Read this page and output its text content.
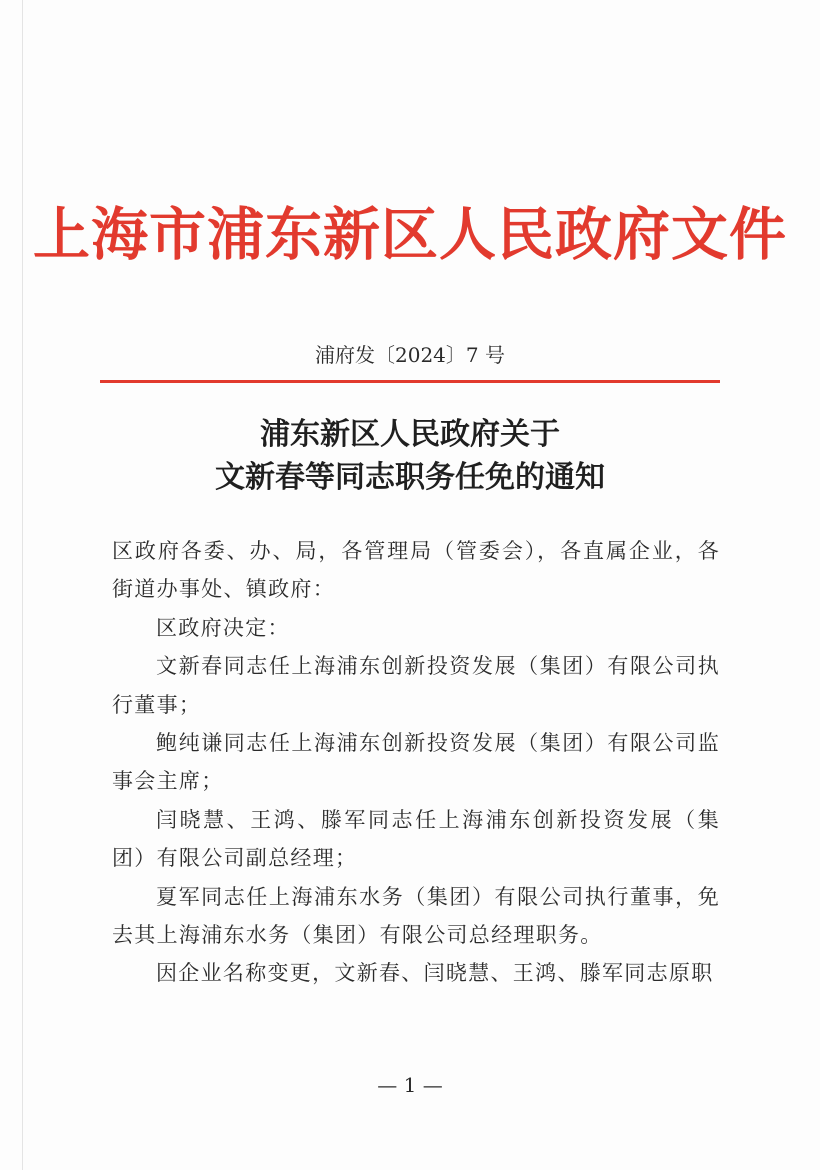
上海市浦东新区人民政府文件
浦府发〔2024〕7 号
浦东新区人民政府关于
文新春等同志职务任免的通知

区政府各委、办、局，各管理局（管委会），各直属企业，各街道办事处、镇政府：

区政府决定：

文新春同志任上海浦东创新投资发展（集团）有限公司执行董事；

鲍纯谦同志任上海浦东创新投资发展（集团）有限公司监事会主席；

闫晓慧、王鸿、滕军同志任上海浦东创新投资发展（集团）有限公司副总经理；

夏军同志任上海浦东水务（集团）有限公司执行董事，免去其上海浦东水务（集团）有限公司总经理职务。

因企业名称变更，文新春、闫晓慧、王鸿、滕军同志原职

— 1 —
